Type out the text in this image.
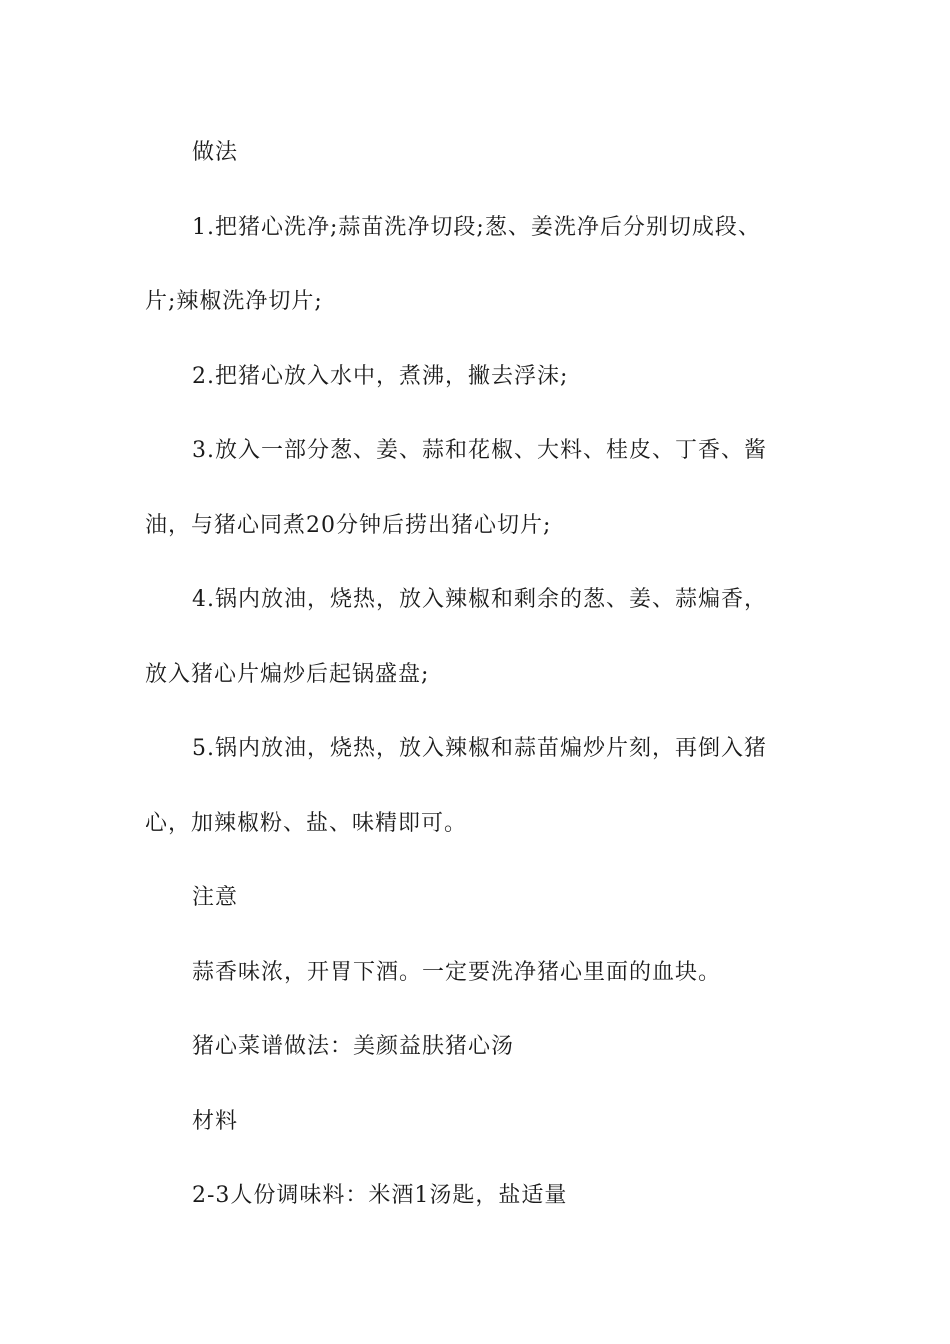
做法
1.把猪心洗净;蒜苗洗净切段;葱、姜洗净后分别切成段、
片;辣椒洗净切片;
2.把猪心放入水中，煮沸，撇去浮沫;
3.放入一部分葱、姜、蒜和花椒、大料、桂皮、丁香、酱
油，与猪心同煮20分钟后捞出猪心切片;
4.锅内放油，烧热，放入辣椒和剩余的葱、姜、蒜煸香，
放入猪心片煸炒后起锅盛盘;
5.锅内放油，烧热，放入辣椒和蒜苗煸炒片刻，再倒入猪
心，加辣椒粉、盐、味精即可。
注意
蒜香味浓，开胃下酒。一定要洗净猪心里面的血块。
猪心菜谱做法：美颜益肤猪心汤
材料
2-3人份调味料：米酒1汤匙，盐适量
